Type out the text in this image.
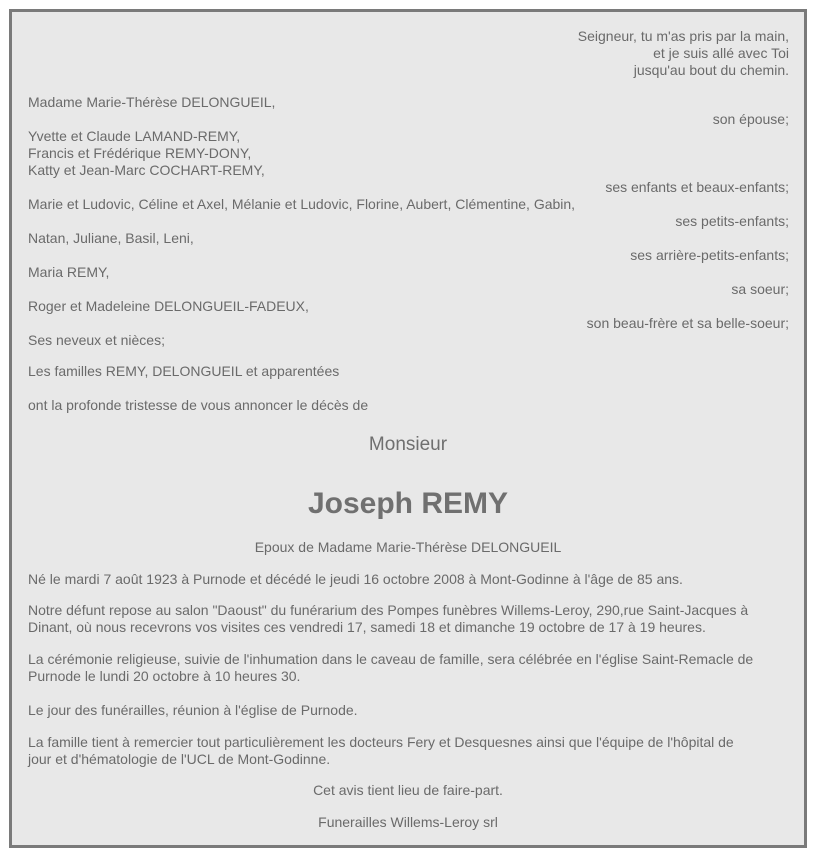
Seigneur, tu m'as pris par la main,
et je suis allé avec Toi
jusqu'au bout du chemin.
Madame Marie-Thérèse DELONGUEIL,
son épouse;
Yvette et Claude LAMAND-REMY,
Francis et Frédérique REMY-DONY,
Katty et Jean-Marc COCHART-REMY,
ses enfants et beaux-enfants;
Marie et Ludovic, Céline et Axel, Mélanie et Ludovic, Florine, Aubert, Clémentine, Gabin,
ses petits-enfants;
Natan, Juliane, Basil, Leni,
ses arrière-petits-enfants;
Maria REMY,
sa soeur;
Roger et Madeleine DELONGUEIL-FADEUX,
son beau-frère et sa belle-soeur;
Ses neveux et nièces;
Les familles REMY, DELONGUEIL et apparentées
ont la profonde tristesse de vous annoncer le décès de
Monsieur
Joseph REMY
Epoux de Madame Marie-Thérèse DELONGUEIL
Né le mardi 7 août 1923 à Purnode et décédé le jeudi 16 octobre 2008 à Mont-Godinne à l'âge de 85 ans.
Notre défunt repose au salon "Daoust" du funérarium des Pompes funèbres Willems-Leroy, 290,rue Saint-Jacques à
Dinant, où nous recevrons vos visites ces vendredi 17, samedi 18 et dimanche 19 octobre de 17 à 19 heures.
La cérémonie religieuse, suivie de l'inhumation dans le caveau de famille, sera célébrée en l'église Saint-Remacle de
Purnode le lundi 20 octobre à 10 heures 30.
Le jour des funérailles, réunion à l'église de Purnode.
La famille tient à remercier tout particulièrement les docteurs Fery et Desquesnes ainsi que l'équipe de l'hôpital de
jour et d'hématologie de l'UCL de Mont-Godinne.
Cet avis tient lieu de faire-part.
Funerailles Willems-Leroy srl
